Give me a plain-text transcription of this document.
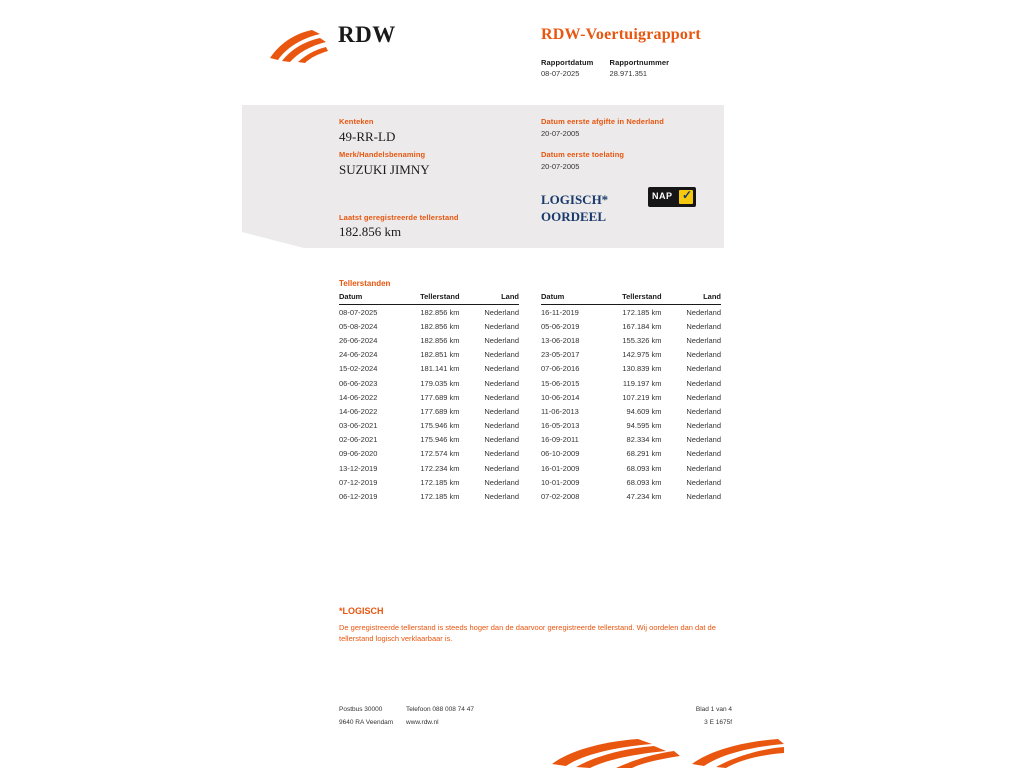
RDW	RDW-Voertuigrapport
Rapportdatum
08-07-2025

Rapportnummer
28.971.351
Kenteken
49-RR-LD
Merk/Handelsbenaming
SUZUKI JIMNY
Laatst geregistreerde tellerstand
182.856 km
Datum eerste afgifte in Nederland
20-07-2005
Datum eerste toelating
20-07-2005
LOGISCH*
OORDEEL
NAP ✓
Tellerstanden
Datum	Tellerstand	Land
08-07-2025	182.856 km	Nederland
05-08-2024	182.856 km	Nederland
26-06-2024	182.856 km	Nederland
24-06-2024	182.851 km	Nederland
15-02-2024	181.141 km	Nederland
06-06-2023	179.035 km	Nederland
14-06-2022	177.689 km	Nederland
14-06-2022	177.689 km	Nederland
03-06-2021	175.946 km	Nederland
02-06-2021	175.946 km	Nederland
09-06-2020	172.574 km	Nederland
13-12-2019	172.234 km	Nederland
07-12-2019	172.185 km	Nederland
06-12-2019	172.185 km	Nederland
Datum	Tellerstand	Land
16-11-2019	172.185 km	Nederland
05-06-2019	167.184 km	Nederland
13-06-2018	155.326 km	Nederland
23-05-2017	142.975 km	Nederland
07-06-2016	130.839 km	Nederland
15-06-2015	119.197 km	Nederland
10-06-2014	107.219 km	Nederland
11-06-2013	94.609 km	Nederland
16-05-2013	94.595 km	Nederland
16-09-2011	82.334 km	Nederland
06-10-2009	68.291 km	Nederland
16-01-2009	68.093 km	Nederland
10-01-2009	68.093 km	Nederland
07-02-2008	47.234 km	Nederland
*LOGISCH
De geregistreerde tellerstand is steeds hoger dan de daarvoor geregistreerde tellerstand. Wij oordelen dan dat de tellerstand logisch verklaarbaar is.
Postbus 30000
9640 RA Veendam
Telefoon 088 008 74 47
www.rdw.nl
Blad 1 van 4
3 E 1675f
